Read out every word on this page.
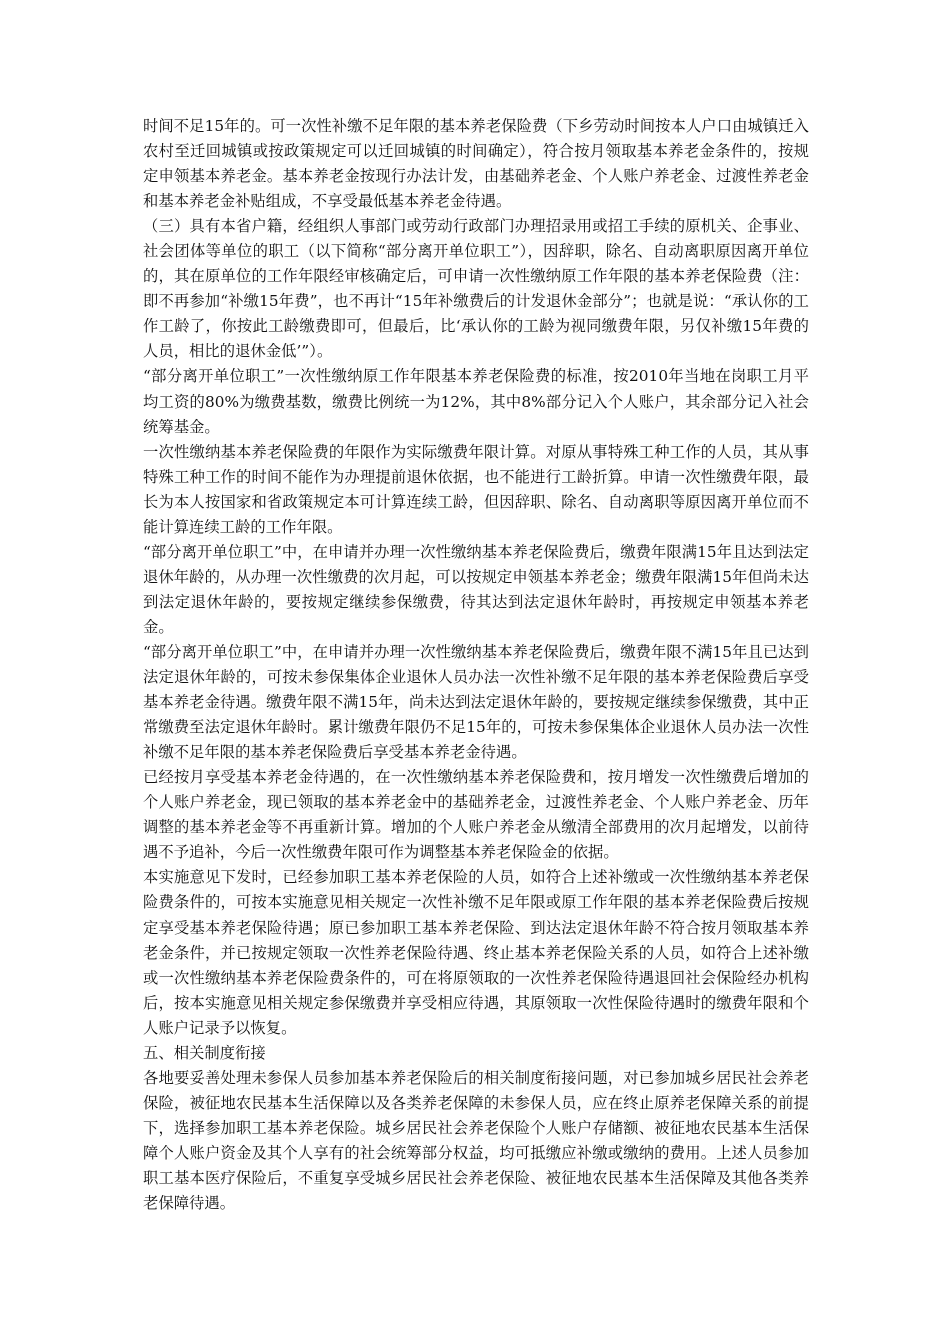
时间不足15年的。可一次性补缴不足年限的基本养老保险费（下乡劳动时间按本人户口由城镇迁入农村至迁回城镇或按政策规定可以迁回城镇的时间确定），符合按月领取基本养老金条件的，按规定申领基本养老金。基本养老金按现行办法计发，由基础养老金、个人账户养老金、过渡性养老金和基本养老金补贴组成，不享受最低基本养老金待遇。

（三）具有本省户籍，经组织人事部门或劳动行政部门办理招录用或招工手续的原机关、企事业、社会团体等单位的职工（以下简称“部分离开单位职工”），因辞职，除名、自动离职原因离开单位的，其在原单位的工作年限经审核确定后，可申请一次性缴纳原工作年限的基本养老保险费（注：即不再参加“补缴15年费”，也不再计“15年补缴费后的计发退休金部分”；也就是说：“承认你的工作工龄了，你按此工龄缴费即可，但最后，比‘承认你的工龄为视同缴费年限，另仅补缴15年费的人员，相比的退休金低’”）。

“部分离开单位职工”一次性缴纳原工作年限基本养老保险费的标准，按2010年当地在岗职工月平均工资的80%为缴费基数，缴费比例统一为12%，其中8%部分记入个人账户，其余部分记入社会统筹基金。

一次性缴纳基本养老保险费的年限作为实际缴费年限计算。对原从事特殊工种工作的人员，其从事特殊工种工作的时间不能作为办理提前退休依据，也不能进行工龄折算。申请一次性缴费年限，最长为本人按国家和省政策规定本可计算连续工龄，但因辞职、除名、自动离职等原因离开单位而不能计算连续工龄的工作年限。

“部分离开单位职工”中，在申请并办理一次性缴纳基本养老保险费后，缴费年限满15年且达到法定退休年龄的，从办理一次性缴费的次月起，可以按规定申领基本养老金；缴费年限满15年但尚未达到法定退休年龄的，要按规定继续参保缴费，待其达到法定退休年龄时，再按规定申领基本养老金。

“部分离开单位职工”中，在申请并办理一次性缴纳基本养老保险费后，缴费年限不满15年且已达到法定退休年龄的，可按未参保集体企业退休人员办法一次性补缴不足年限的基本养老保险费后享受基本养老金待遇。缴费年限不满15年，尚未达到法定退休年龄的，要按规定继续参保缴费，其中正常缴费至法定退休年龄时。累计缴费年限仍不足15年的，可按未参保集体企业退休人员办法一次性补缴不足年限的基本养老保险费后享受基本养老金待遇。

已经按月享受基本养老金待遇的，在一次性缴纳基本养老保险费和，按月增发一次性缴费后增加的个人账户养老金，现已领取的基本养老金中的基础养老金，过渡性养老金、个人账户养老金、历年调整的基本养老金等不再重新计算。增加的个人账户养老金从缴清全部费用的次月起增发，以前待遇不予追补，今后一次性缴费年限可作为调整基本养老保险金的依据。

本实施意见下发时，已经参加职工基本养老保险的人员，如符合上述补缴或一次性缴纳基本养老保险费条件的，可按本实施意见相关规定一次性补缴不足年限或原工作年限的基本养老保险费后按规定享受基本养老保险待遇；原已参加职工基本养老保险、到达法定退休年龄不符合按月领取基本养老金条件，并已按规定领取一次性养老保险待遇、终止基本养老保险关系的人员，如符合上述补缴或一次性缴纳基本养老保险费条件的，可在将原领取的一次性养老保险待遇退回社会保险经办机构后，按本实施意见相关规定参保缴费并享受相应待遇，其原领取一次性保险待遇时的缴费年限和个人账户记录予以恢复。

五、相关制度衔接

各地要妥善处理未参保人员参加基本养老保险后的相关制度衔接问题，对已参加城乡居民社会养老保险，被征地农民基本生活保障以及各类养老保障的未参保人员，应在终止原养老保障关系的前提下，选择参加职工基本养老保险。城乡居民社会养老保险个人账户存储额、被征地农民基本生活保障个人账户资金及其个人享有的社会统筹部分权益，均可抵缴应补缴或缴纳的费用。上述人员参加职工基本医疗保险后，不重复享受城乡居民社会养老保险、被征地农民基本生活保障及其他各类养老保障待遇。
